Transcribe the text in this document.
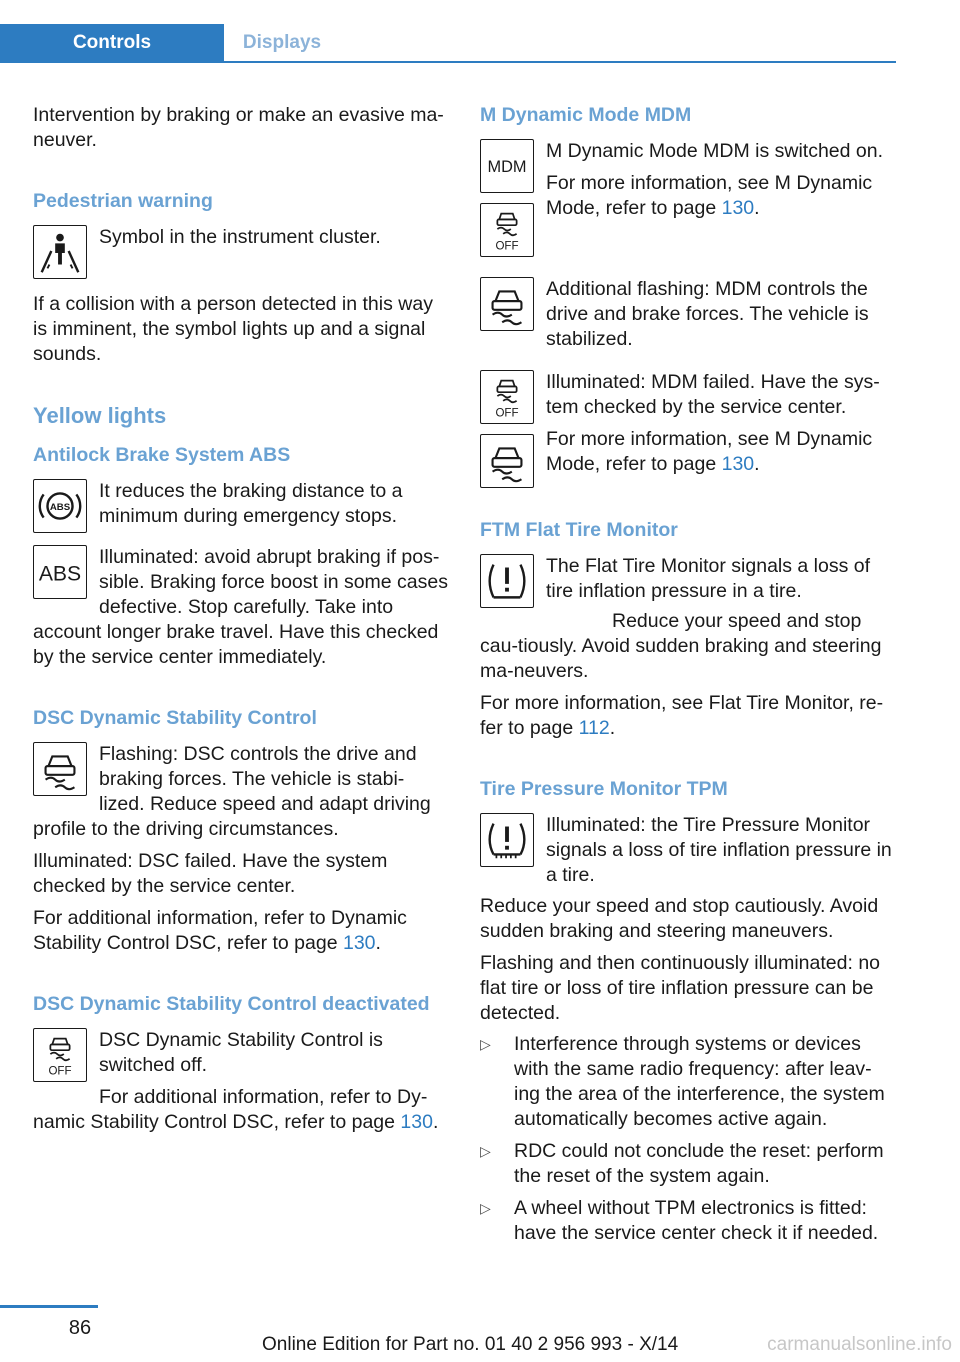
Controls	Displays

Intervention by braking or make an evasive ma‐neuver.

Pedestrian warning

Symbol in the instrument cluster.

If a collision with a person detected in this way is imminent, the symbol lights up and a signal sounds.

Yellow lights
Antilock Brake System ABS
ABS

It reduces the braking distance to a minimum during emergency stops.

ABS

Illuminated: avoid abrupt braking if pos‐sible. Braking force boost in some cases defective. Stop carefully. Take into account longer brake travel. Have this checked by the service center immediately.

DSC Dynamic Stability Control

Flashing: DSC controls the drive and braking forces. The vehicle is stabi‐lized. Reduce speed and adapt driving profile to the driving circumstances.

Illuminated: DSC failed. Have the system checked by the service center.

For additional information, refer to Dynamic Stability Control DSC, refer to page 130.

DSC Dynamic Stability Control deactivated
OFF

DSC Dynamic Stability Control is switched off.

For additional information, refer to Dy‐namic Stability Control DSC, refer to page 130.

M Dynamic Mode MDM
MDM
OFF

M Dynamic Mode MDM is switched on.

For more information, see M Dynamic Mode, refer to page 130.

Additional flashing: MDM controls the drive and brake forces. The vehicle is stabilized.

OFF

Illuminated: MDM failed. Have the sys‐tem checked by the service center.

For more information, see M Dynamic Mode, refer to page 130.

FTM Flat Tire Monitor

The Flat Tire Monitor signals a loss of tire inflation pressure in a tire.

Reduce your speed and stop cau‐tiously. Avoid sudden braking and steering ma‐neuvers.

For more information, see Flat Tire Monitor, re‐fer to page 112.

Tire Pressure Monitor TPM

Illuminated: the Tire Pressure Monitor signals a loss of tire inflation pressure in a tire.

Reduce your speed and stop cautiously. Avoid sudden braking and steering maneuvers.

Flashing and then continuously illuminated: no flat tire or loss of tire inflation pressure can be detected.

▷ Interference through systems or devices with the same radio frequency: after leav‐ing the area of the interference, the system automatically becomes active again.
▷ RDC could not conclude the reset: perform the reset of the system again.
▷ A wheel without TPM electronics is fitted: have the service center check it if needed.
86
Online Edition for Part no. 01 40 2 956 993 - X/14	carmanualsonline.info
